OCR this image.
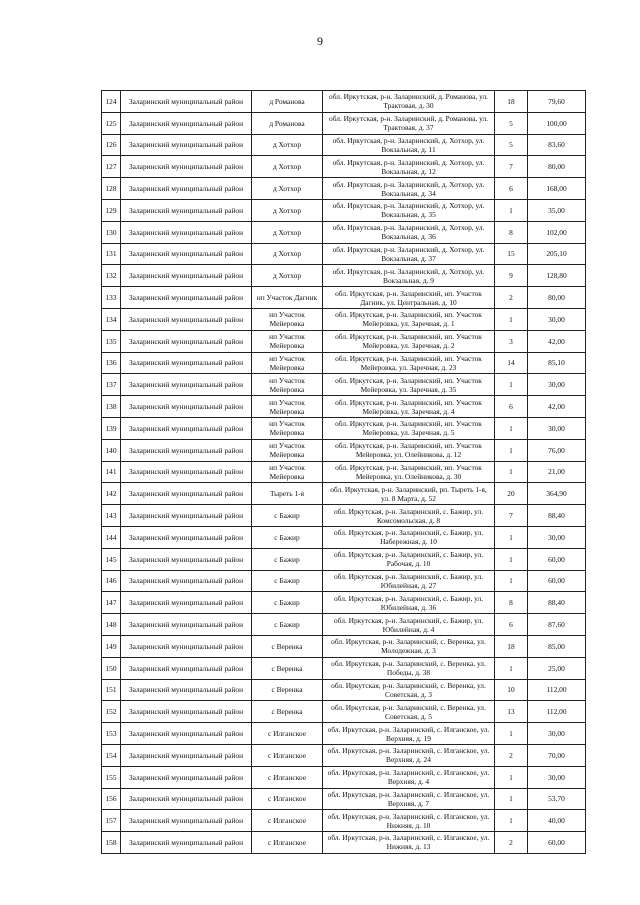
9
124	Заларинский муниципальный район	д Романова	обл. Иркутская, р-н. Заларинский, д. Романова, ул. Трактовая, д. 30	18	79,60
125	Заларинский муниципальный район	д Романова	обл. Иркутская, р-н. Заларинский, д. Романова, ул. Трактовая, д. 37	5	100,00
126	Заларинский муниципальный район	д Хотхор	обл. Иркутская, р-н. Заларинский, д. Хотхор, ул. Вокзальная, д. 11	5	83,60
127	Заларинский муниципальный район	д Хотхор	обл. Иркутская, р-н. Заларинский, д. Хотхор, ул. Вокзальная, д. 12	7	80,00
128	Заларинский муниципальный район	д Хотхор	обл. Иркутская, р-н. Заларинский, д. Хотхор, ул. Вокзальная, д. 34	6	168,00
129	Заларинский муниципальный район	д Хотхор	обл. Иркутская, р-н. Заларинский, д. Хотхор, ул. Вокзальная, д. 35	1	35,00
130	Заларинский муниципальный район	д Хотхор	обл. Иркутская, р-н. Заларинский, д. Хотхор, ул. Вокзальная, д. 36	8	102,00
131	Заларинский муниципальный район	д Хотхор	обл. Иркутская, р-н. Заларинский, д. Хотхор, ул. Вокзальная, д. 37	15	205,10
132	Заларинский муниципальный район	д Хотхор	обл. Иркутская, р-н. Заларинский, д. Хотхор, ул. Вокзальная, д. 9	9	128,80
133	Заларинский муниципальный район	нп Участок Дагник	обл. Иркутская, р-н. Заларинский, нп. Участок Дагник, ул. Центральная, д. 10	2	80,00
134	Заларинский муниципальный район	нп Участок Мейеровка	обл. Иркутская, р-н. Заларинский, нп. Участок Мейеровка, ул. Заречная, д. 1	1	30,00
135	Заларинский муниципальный район	нп Участок Мейеровка	обл. Иркутская, р-н. Заларинский, нп. Участок Мейеровка, ул. Заречная, д. 2	3	42,00
136	Заларинский муниципальный район	нп Участок Мейеровка	обл. Иркутская, р-н. Заларинский, нп. Участок Мейеровка, ул. Заречная, д. 23	14	85,10
137	Заларинский муниципальный район	нп Участок Мейеровка	обл. Иркутская, р-н. Заларинский, нп. Участок Мейеровка, ул. Заречная, д. 35	1	30,00
138	Заларинский муниципальный район	нп Участок Мейеровка	обл. Иркутская, р-н. Заларинский, нп. Участок Мейеровка, ул. Заречная, д. 4	6	42,00
139	Заларинский муниципальный район	нп Участок Мейеровка	обл. Иркутская, р-н. Заларинский, нп. Участок Мейеровка, ул. Заречная, д. 5	1	30,00
140	Заларинский муниципальный район	нп Участок Мейеровка	обл. Иркутская, р-н. Заларинский, нп. Участок Мейеровка, ул. Олейникова, д. 12	1	76,00
141	Заларинский муниципальный район	нп Участок Мейеровка	обл. Иркутская, р-н. Заларинский, нп. Участок Мейеровка, ул. Олейникова, д. 30	1	21,00
142	Заларинский муниципальный район	Тыреть 1-я	обл. Иркутская, р-н. Заларинский, рп. Тыреть 1-я, ул. 8 Марта, д. 52	20	364,90
143	Заларинский муниципальный район	с Бажир	обл. Иркутская, р-н. Заларинский, с. Бажир, ул. Комсомольская, д. 8	7	88,40
144	Заларинский муниципальный район	с Бажир	обл. Иркутская, р-н. Заларинский, с. Бажир, ул. Набережная, д. 10	1	30,00
145	Заларинский муниципальный район	с Бажир	обл. Иркутская, р-н. Заларинский, с. Бажир, ул. Рабочая, д. 10	1	60,00
146	Заларинский муниципальный район	с Бажир	обл. Иркутская, р-н. Заларинский, с. Бажир, ул. Юбилейная, д. 27	1	60,00
147	Заларинский муниципальный район	с Бажир	обл. Иркутская, р-н. Заларинский, с. Бажир, ул. Юбилейная, д. 36	8	88,40
148	Заларинский муниципальный район	с Бажир	обл. Иркутская, р-н. Заларинский, с. Бажир, ул. Юбилейная, д. 4	6	87,60
149	Заларинский муниципальный район	с Веренка	обл. Иркутская, р-н. Заларинский, с. Веренка, ул. Молодежная, д. 3	18	85,00
150	Заларинский муниципальный район	с Веренка	обл. Иркутская, р-н. Заларинский, с. Веренка, ул. Победы, д. 38	1	25,00
151	Заларинский муниципальный район	с Веренка	обл. Иркутская, р-н. Заларинский, с. Веренка, ул. Советская, д. 3	10	112,00
152	Заларинский муниципальный район	с Веренка	обл. Иркутская, р-н. Заларинский, с. Веренка, ул. Советская, д. 5	13	112,00
153	Заларинский муниципальный район	с Илганское	обл. Иркутская, р-н. Заларинский, с. Илганское, ул. Верхняя, д. 19	1	30,00
154	Заларинский муниципальный район	с Илганское	обл. Иркутская, р-н. Заларинский, с. Илганское, ул. Верхняя, д. 24	2	70,00
155	Заларинский муниципальный район	с Илганское	обл. Иркутская, р-н. Заларинский, с. Илганское, ул. Верхняя, д. 4	1	30,00
156	Заларинский муниципальный район	с Илганское	обл. Иркутская, р-н. Заларинский, с. Илганское, ул. Верхняя, д. 7	1	53,70
157	Заларинский муниципальный район	с Илганское	обл. Иркутская, р-н. Заларинский, с. Илганское, ул. Нижняя, д. 10	1	40,00
158	Заларинский муниципальный район	с Илганское	обл. Иркутская, р-н. Заларинский, с. Илганское, ул. Нижняя, д. 13	2	60,00
